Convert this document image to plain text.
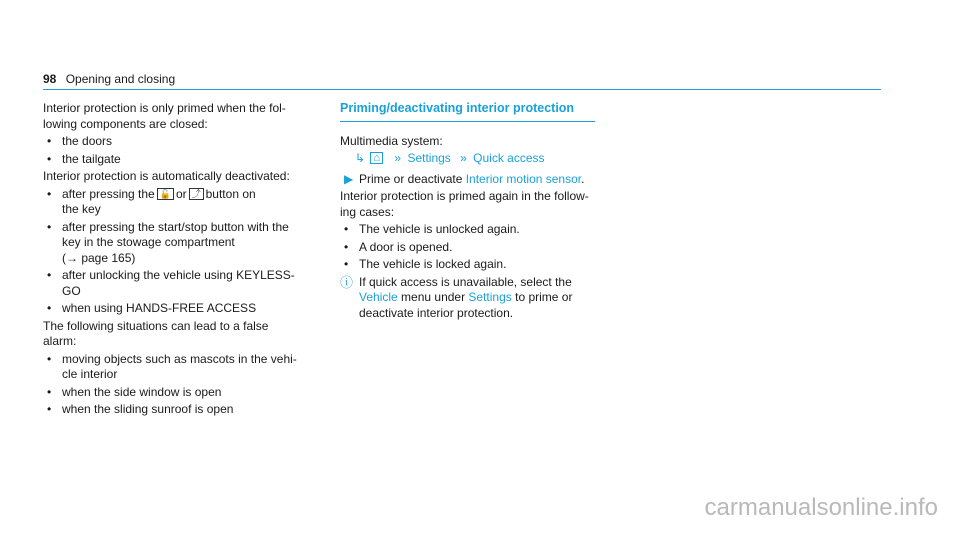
98 Opening and closing

Interior protection is only primed when the fol-
lowing components are closed:

• the doors
• the tailgate

Interior protection is automatically deactivated:

• after pressing the 🔓 or ⤴ button on
the key
• after pressing the start/stop button with the
key in the stowage compartment
(→ page 165)
• after unlocking the vehicle using KEYLESS-
GO
• when using HANDS-FREE ACCESS

The following situations can lead to a false
alarm:

• moving objects such as mascots in the vehi-
cle interior
• when the side window is open
• when the sliding sunroof is open
Priming/deactivating interior protection

Multimedia system:

↳ ⌂ » Settings » Quick access
▶ Prime or deactivate Interior motion sensor.

Interior protection is primed again in the follow-
ing cases:

• The vehicle is unlocked again.
• A door is opened.
• The vehicle is locked again.
ⓘ If quick access is unavailable, select the
Vehicle menu under Settings to prime or
deactivate interior protection.
carmanualsonline.info
